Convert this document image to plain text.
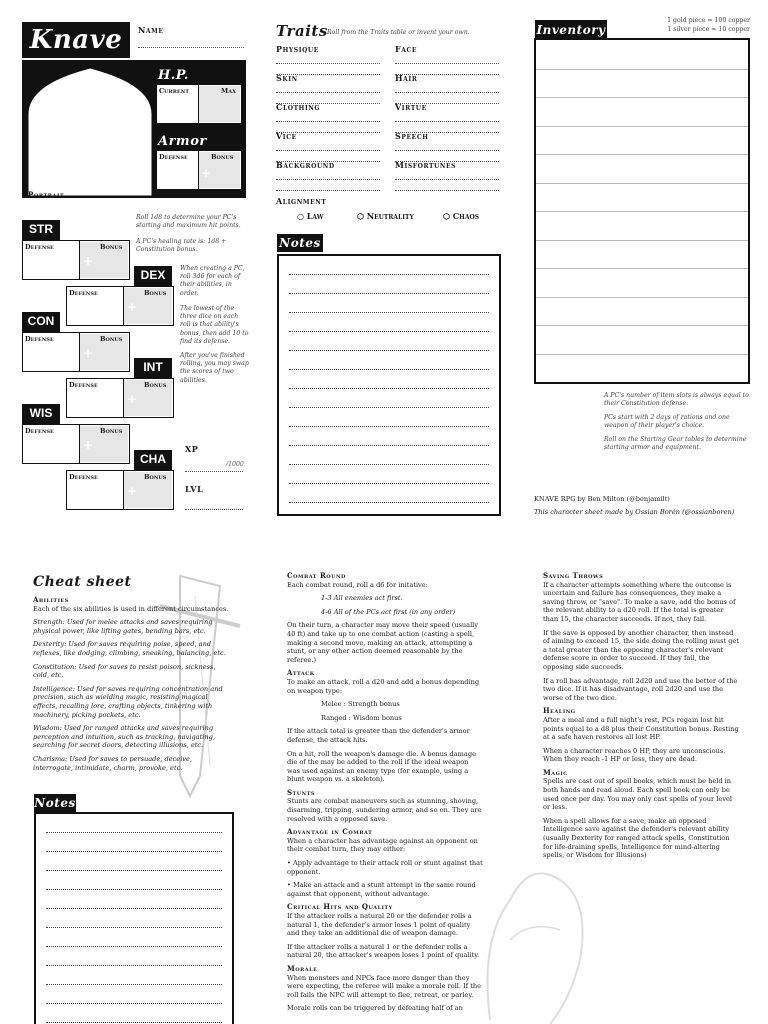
Knave	Name
Portrait
H.P.
Current	Max
Armor
Defense	Bonus
+
Roll 1d8 to determine your PC's starting and maximum hit points.
A PC's healing rate is: 1d8 + Constitution bonus.
When creating a PC, roll 3d6 for each of their abilities, in order.
The lowest of the three dice on each roll is that ability's bonus, then add 10 to find its defense.
After you've finished rolling, you may swap the scores of two abilities.
STR
Defense	Bonus
+
DEX
Defense	Bonus
+
CON
Defense	Bonus
+
INT
Defense	Bonus
+
WIS
Defense	Bonus
+
CHA
Defense	Bonus
+
XP
/1000
LVL
Traits Roll from the Traits table or invent your own.
Physique
Skin
Clothing
Vice
Background
Face
Hair
Virtue
Speech
Misfortunes
Alignment
○ Law	⬡ Neutrality	⬡ Chaos
Notes
Inventory
1 gold piece = 100 copper
1 silver piece = 10 copper
A PC's number of item slots is always equal to their Constitution defense.
PCs start with 2 days of rations and one weapon of their player's choice.
Roll on the Starting Gear tables to determine starting armor and equipment.
KNAVE RPG by Ben Milton (@benjamilt)
This character sheet made by Ossian Borén (@ossianboren)
Cheat sheet
Abilities

Each of the six abilities is used in different circumstances.

Strength: Used for melee attacks and saves requiring physical power, like lifting gates, bending bars, etc.

Dexterity: Used for saves requiring poise, speed, and reflexes, like dodging, climbing, sneaking, balancing, etc.

Constitution: Used for saves to resist poison, sickness, cold, etc.

Intelligence: Used for saves requiring concentration and precision, such as wielding magic, resisting magical effects, recalling lore, crafting objects, tinkering with machinery, picking pockets, etc.

Wisdom: Used for ranged attacks and saves requiring perception and intuition, such as tracking, navigating, searching for secret doors, detecting illusions, etc.

Charisma: Used for saves to persuade, deceive, interrogate, intimidate, charm, provoke, etc.

Notes
Combat Round

Each combat round, roll a d6 for initative:

1-3 All enemies act first.

4-6 All of the PCs act first (in any order)

On their turn, a character may move their speed (usually 40 ft) and take up to one combat action (casting a spell, making a second move, making an attack, attempting a stunt, or any other action deemed reasonable by the referee.)

Attack

To make an attack, roll a d20 and add a bonus depending on weapon type:

Melee : Strength bonus

Ranged : Wisdom bonus

If the attack total is greater than the defender's armor defense, the attack hits.

On a hit, roll the weapon's damage die. A bonus damage die of the may be added to the roll if the ideal weapon was used against an enemy type (for example, using a blunt weapon vs. a skeleton).

Stunts

Stunts are combat maneuvers such as stunning, shoving, disarming, tripping, sundering armor, and so on. They are resolved with a opposed save.

Advantage in Combat

When a character has advantage against an opponent on their combat turn, they may either:

• Apply advantage to their attack roll or stunt against that opponent.

• Make an attack and a stunt attempt in the same round against that opponent, without advantage.

Critical Hits and Quality

If the attacker rolls a natural 20 or the defender rolls a natural 1, the defender's armor loses 1 point of quality and they take an additional die of weapon damage.

If the attacker rolls a natural 1 or the defender rolls a natural 20, the attacker's weapon loses 1 point of quality.

Morale

When monsters and NPCs face more danger than they were expecting, the referee will make a morale roll. If the roll fails the NPC will attempt to flee, retreat, or parley.

Morale rolls can be triggered by defeating half of an

Saving Throws

If a character attempts something where the outcome is uncertain and failure has consequences, they make a saving throw, or "save". To make a save, add the bonus of the relevant ability to a d20 roll. If the total is greater than 15, the character succeeds. If not, they fail.

If the save is opposed by another character, then instead of aiming to exceed 15, the side doing the rolling must get a total greater than the opposing character's relevant defense score in order to succeed. If they fail, the opposing side succeeds.

If a roll has advantage, roll 2d20 and use the better of the two dice. If it has disadvantage, roll 2d20 and use the worse of the two dice.

Healing

After a meal and a full night's rest, PCs regain lost hit points equal to a d8 plus their Constitution bonus. Resting at a safe haven restores all lost HP.

When a character reaches 0 HP, they are unconscious. When they reach -1 HP or less, they are dead.

Magic

Spells are cast out of spell books, which must be held in both hands and read aloud. Each spell book can only be used once per day. You may only cast spells of your level or less.

When a spell allows for a save, make an opposed Intelligence save against the defender's relevant ability (usually Dexterity for ranged attack spells, Constitution for life-draining spells, Intelligence for mind-altering spells, or Wisdom for Illusions)
